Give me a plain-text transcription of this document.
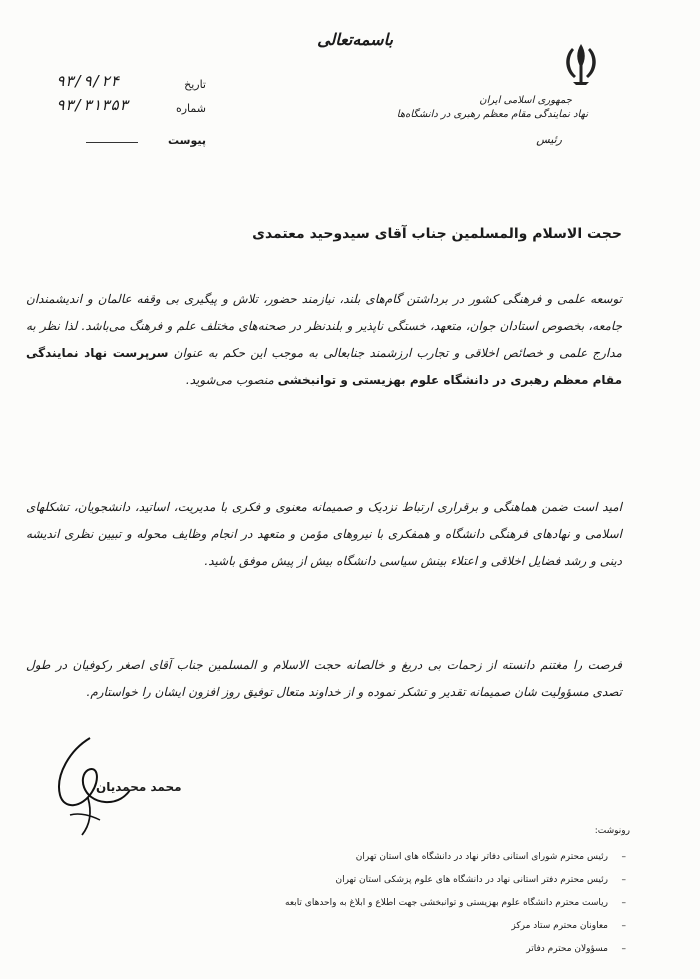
باسمه‌تعالی
جمهوری اسلامی ایران
نهاد نمایندگی مقام معظم رهبری در دانشگاه‌ها
رئیس
تاریخ
۹۳/۹/۲۴
شماره
۹۳/۳۱۳۵۳
پیوست
حجت الاسلام والمسلمین جناب آقای سیدوحید معتمدی
توسعه علمی و فرهنگی کشور در برداشتن گام‌های بلند، نیازمند حضور، تلاش و پیگیری بی وقفه عالمان و اندیشمندان جامعه، بخصوص استادان جوان، متعهد، خستگی ناپذیر و بلندنظر در صحنه‌های مختلف علم و فرهنگ می‌باشد. لذا نظر به مدارج علمی و خصائص اخلاقی و تجارب ارزشمند جنابعالی به موجب این حکم به عنوان سرپرست نهاد نمایندگی مقام معظم رهبری در دانشگاه علوم بهزیستی و توانبخشی منصوب می‌شوید.
امید است ضمن هماهنگی و برقراری ارتباط نزدیک و صمیمانه معنوی و فکری با مدیریت، اساتید، دانشجویان، تشکلهای اسلامی و نهادهای فرهنگی دانشگاه و همفکری با نیروهای مؤمن و متعهد در انجام وظایف محوله و تبیین نظری اندیشه دینی و رشد فضایل اخلاقی و اعتلاء بینش سیاسی دانشگاه بیش از پیش موفق باشید.
فرصت را مغتنم دانسته از زحمات بی دریغ و خالصانه حجت الاسلام و المسلمین جناب آقای اصغر رکوفیان در طول تصدی مسؤولیت شان صمیمانه تقدیر و تشکر نموده و از خداوند متعال توفیق روز افزون ایشان را خواستارم.
محمد محمدیان
رونوشت:
–
رئیس محترم شورای استانی دفاتر نهاد در دانشگاه های استان تهران
–
رئیس محترم دفتر استانی نهاد در دانشگاه های علوم پزشکی استان تهران
–
ریاست محترم دانشگاه علوم بهزیستی و توانبخشی جهت اطلاع و ابلاغ به واحدهای تابعه
–
معاونان محترم ستاد مرکز
–
مسؤولان محترم دفاتر
